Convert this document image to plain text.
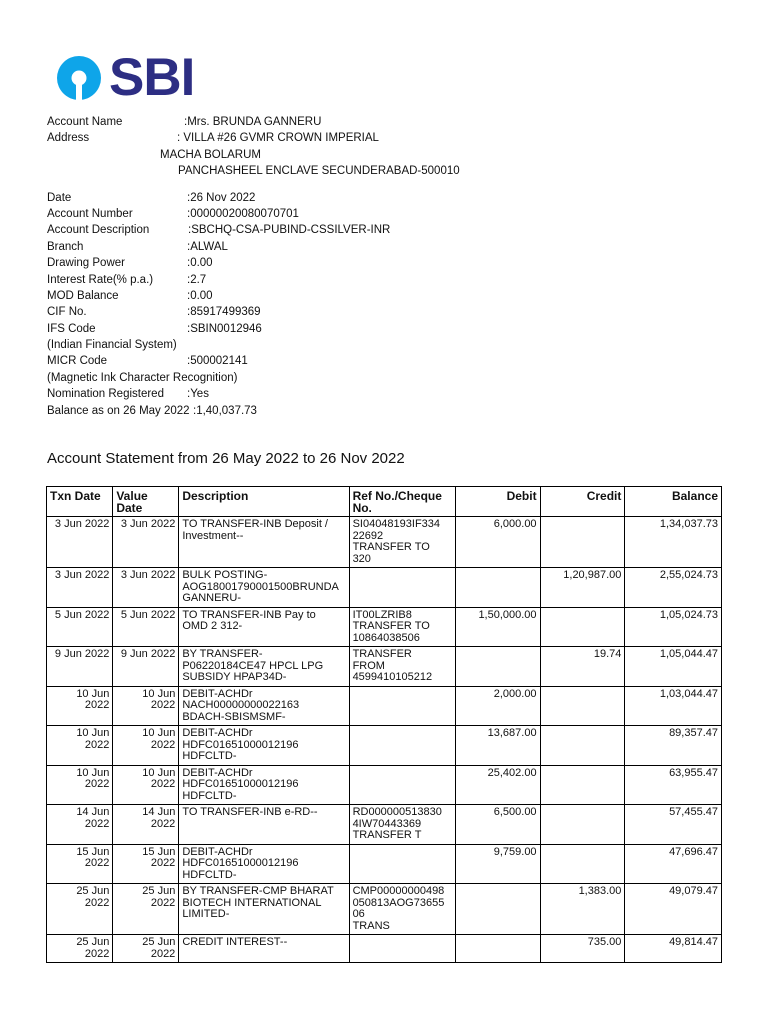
SBI
Account Name	:Mrs. BRUNDA GANNERU
Address	: VILLA #26 GVMR CROWN IMPERIAL
MACHA BOLARUM
PANCHASHEEL ENCLAVE SECUNDERABAD-500010
Date	:26 Nov 2022
Account Number	:00000020080070701
Account Description	:SBCHQ-CSA-PUBIND-CSSILVER-INR
Branch	:ALWAL
Drawing Power	:0.00
Interest Rate(% p.a.)	:2.7
MOD Balance	:0.00
CIF No.	:85917499369
IFS Code	:SBIN0012946
(Indian Financial System)
MICR Code	:500002141
(Magnetic Ink Character Recognition)
Nomination Registered :Yes
Balance as on 26 May 2022 :1,40,037.73
Account Statement from 26 May 2022 to 26 Nov 2022
Txn Date	Value Date	Description	Ref No./Cheque No.	Debit	Credit	Balance

3 Jun 2022	3 Jun 2022	TO TRANSFER-INB Deposit /
Investment--	SI04048193IF334
22692
TRANSFER TO
320	6,000.00		1,34,037.73

3 Jun 2022	3 Jun 2022	BULK POSTING-
AOG18001790001500BRUNDA
GANNERU-			1,20,987.00	2,55,024.73

5 Jun 2022	5 Jun 2022	TO TRANSFER-INB Pay to
OMD 2 312-	IT00LZRIB8
TRANSFER TO
10864038506	1,50,000.00		1,05,024.73

9 Jun 2022	9 Jun 2022	BY TRANSFER-
P06220184CE47 HPCL LPG
SUBSIDY HPAP34D-	TRANSFER
FROM
4599410105212		19.74	1,05,044.47

10 Jun
2022	10 Jun
2022	DEBIT-ACHDr
NACH00000000022163
BDACH-SBISMSMF-		2,000.00		1,03,044.47

10 Jun
2022	10 Jun
2022	DEBIT-ACHDr
HDFC01651000012196
HDFCLTD-		13,687.00		89,357.47

10 Jun
2022	10 Jun
2022	DEBIT-ACHDr
HDFC01651000012196
HDFCLTD-		25,402.00		63,955.47

14 Jun
2022	14 Jun
2022	TO TRANSFER-INB e-RD--	RD000000513830
4IW70443369
TRANSFER T	6,500.00		57,455.47

15 Jun
2022	15 Jun
2022	DEBIT-ACHDr
HDFC01651000012196
HDFCLTD-		9,759.00		47,696.47

25 Jun
2022	25 Jun
2022	BY TRANSFER-CMP BHARAT
BIOTECH INTERNATIONAL
LIMITED-	CMP00000000498
050813AOG73655
06
TRANS		1,383.00	49,079.47

25 Jun
2022	25 Jun
2022	CREDIT INTEREST--			735.00	49,814.47
